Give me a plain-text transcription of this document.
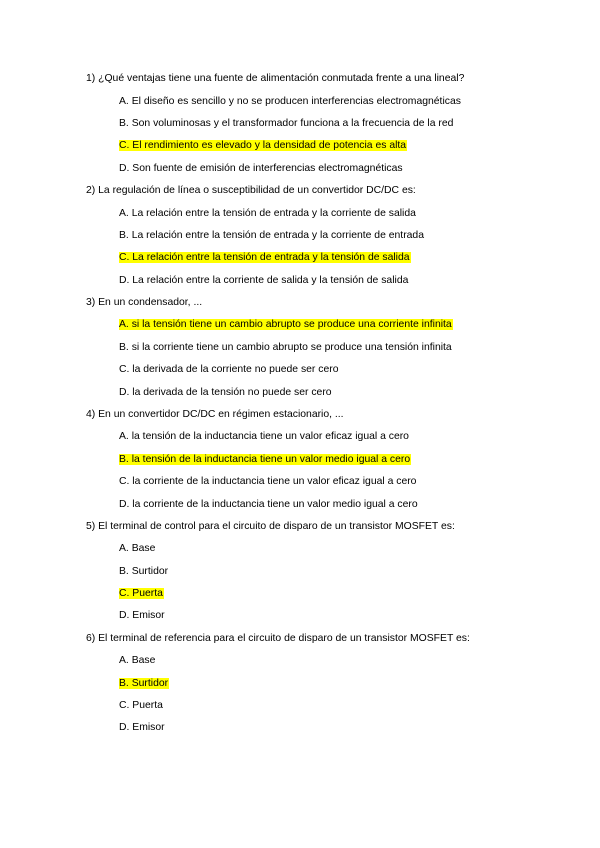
1) ¿Qué ventajas tiene una fuente de alimentación conmutada frente a una lineal?
A. El diseño es sencillo y no se producen interferencias electromagnéticas
B. Son voluminosas y el transformador funciona a la frecuencia de la red
C. El rendimiento es elevado y la densidad de potencia es alta
D. Son fuente de emisión de interferencias electromagnéticas
2) La regulación de línea o susceptibilidad de un convertidor DC/DC es:
A. La relación entre la tensión de entrada y la corriente de salida
B. La relación entre la tensión de entrada y la corriente de entrada
C. La relación entre la tensión de entrada y la tensión de salida
D. La relación entre la corriente de salida y la tensión de salida
3) En un condensador, ...
A. si la tensión tiene un cambio abrupto se produce una corriente infinita
B. si la corriente tiene un cambio abrupto se produce una tensión infinita
C. la derivada de la corriente no puede ser cero
D. la derivada de la tensión no puede ser cero
4) En un convertidor DC/DC en régimen estacionario, ...
A. la tensión de la inductancia tiene un valor eficaz igual a cero
B. la tensión de la inductancia tiene un valor medio igual a cero
C. la corriente de la inductancia tiene un valor eficaz igual a cero
D. la corriente de la inductancia tiene un valor medio igual a cero
5) El terminal de control para el circuito de disparo de un transistor MOSFET es:
A. Base
B. Surtidor
C. Puerta
D. Emisor
6) El terminal de referencia para el circuito de disparo de un transistor MOSFET es:
A. Base
B. Surtidor
C. Puerta
D. Emisor
